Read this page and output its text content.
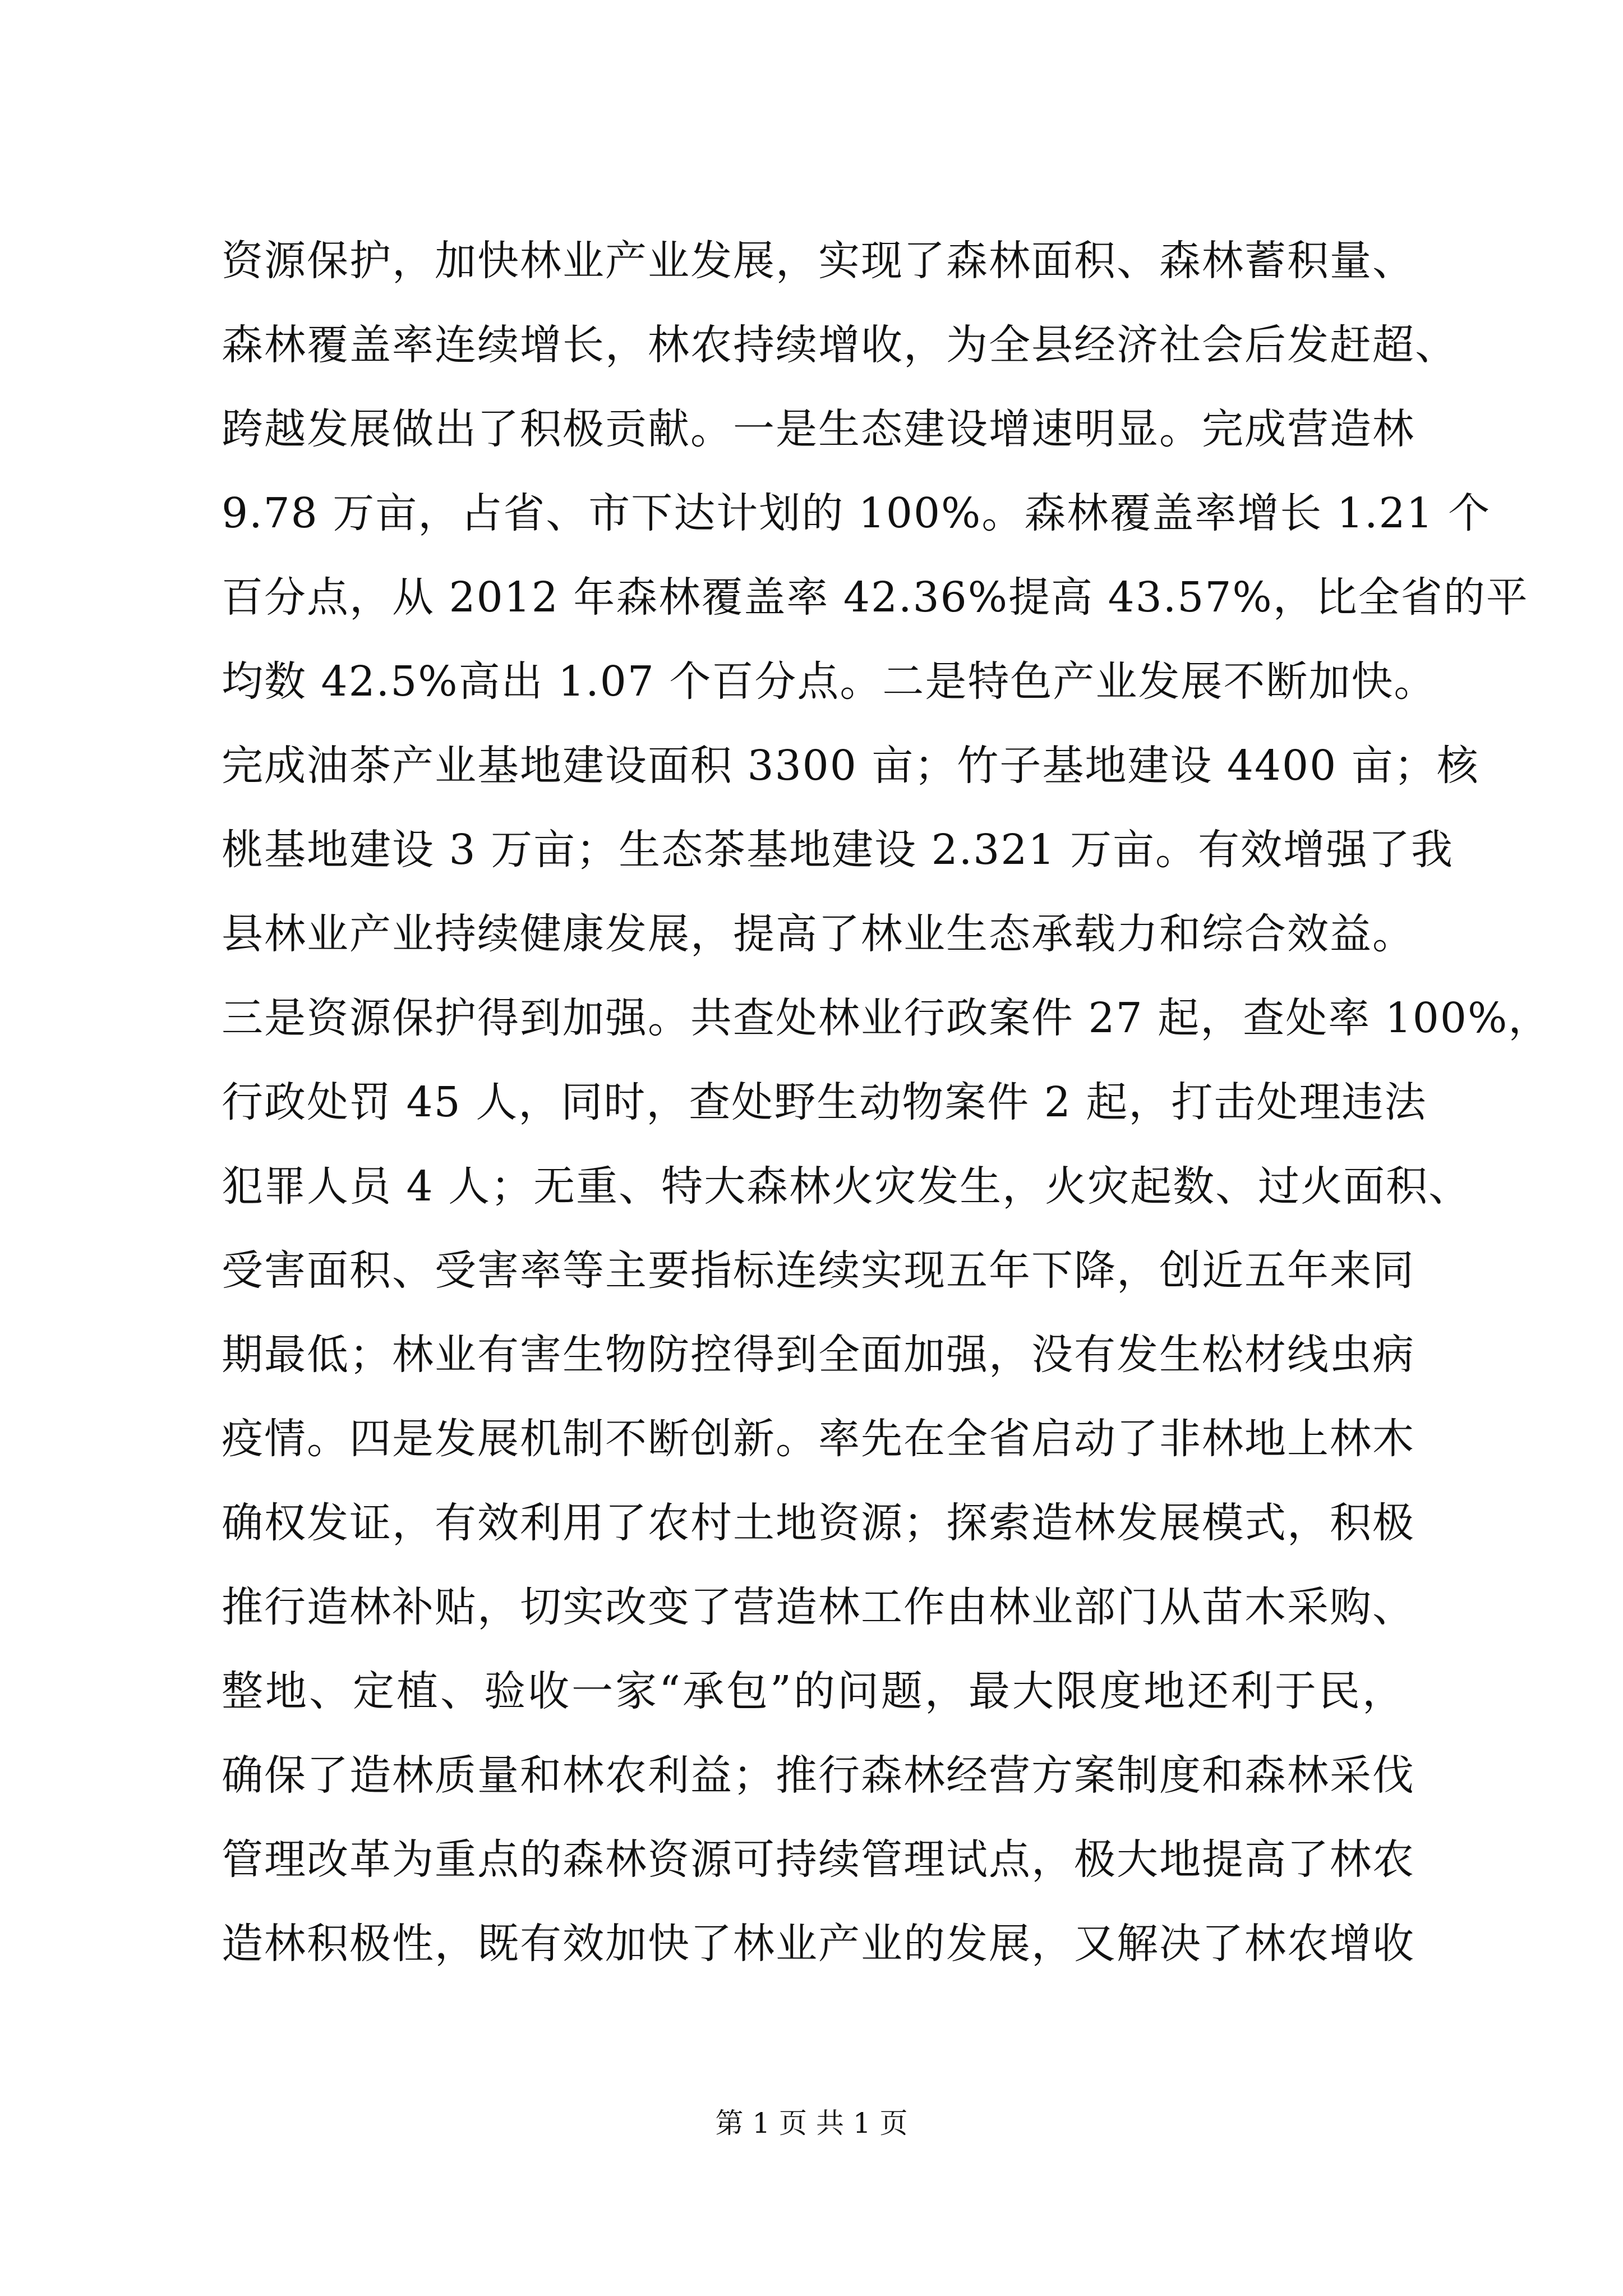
资源保护，加快林业产业发展，实现了森林面积、森林蓄积量、
森林覆盖率连续增长，林农持续增收，为全县经济社会后发赶超、
跨越发展做出了积极贡献。一是生态建设增速明显。完成营造林
9.78 万亩，占省、市下达计划的 100%。森林覆盖率增长 1.21 个
百分点，从 2012 年森林覆盖率 42.36%提高 43.57%，比全省的平
均数 42.5%高出 1.07 个百分点。二是特色产业发展不断加快。
完成油茶产业基地建设面积 3300 亩；竹子基地建设 4400 亩；核
桃基地建设 3 万亩；生态茶基地建设 2.321 万亩。有效增强了我
县林业产业持续健康发展，提高了林业生态承载力和综合效益。
三是资源保护得到加强。共查处林业行政案件 27 起，查处率 100%，
行政处罚 45 人，同时，查处野生动物案件 2 起，打击处理违法
犯罪人员 4 人；无重、特大森林火灾发生，火灾起数、过火面积、
受害面积、受害率等主要指标连续实现五年下降，创近五年来同
期最低；林业有害生物防控得到全面加强，没有发生松材线虫病
疫情。四是发展机制不断创新。率先在全省启动了非林地上林木
确权发证，有效利用了农村土地资源；探索造林发展模式，积极
推行造林补贴，切实改变了营造林工作由林业部门从苗木采购、
整地、定植、验收一家“承包”的问题，最大限度地还利于民，
确保了造林质量和林农利益；推行森林经营方案制度和森林采伐
管理改革为重点的森林资源可持续管理试点，极大地提高了林农
造林积极性，既有效加快了林业产业的发展，又解决了林农增收
第 1 页 共 1 页
